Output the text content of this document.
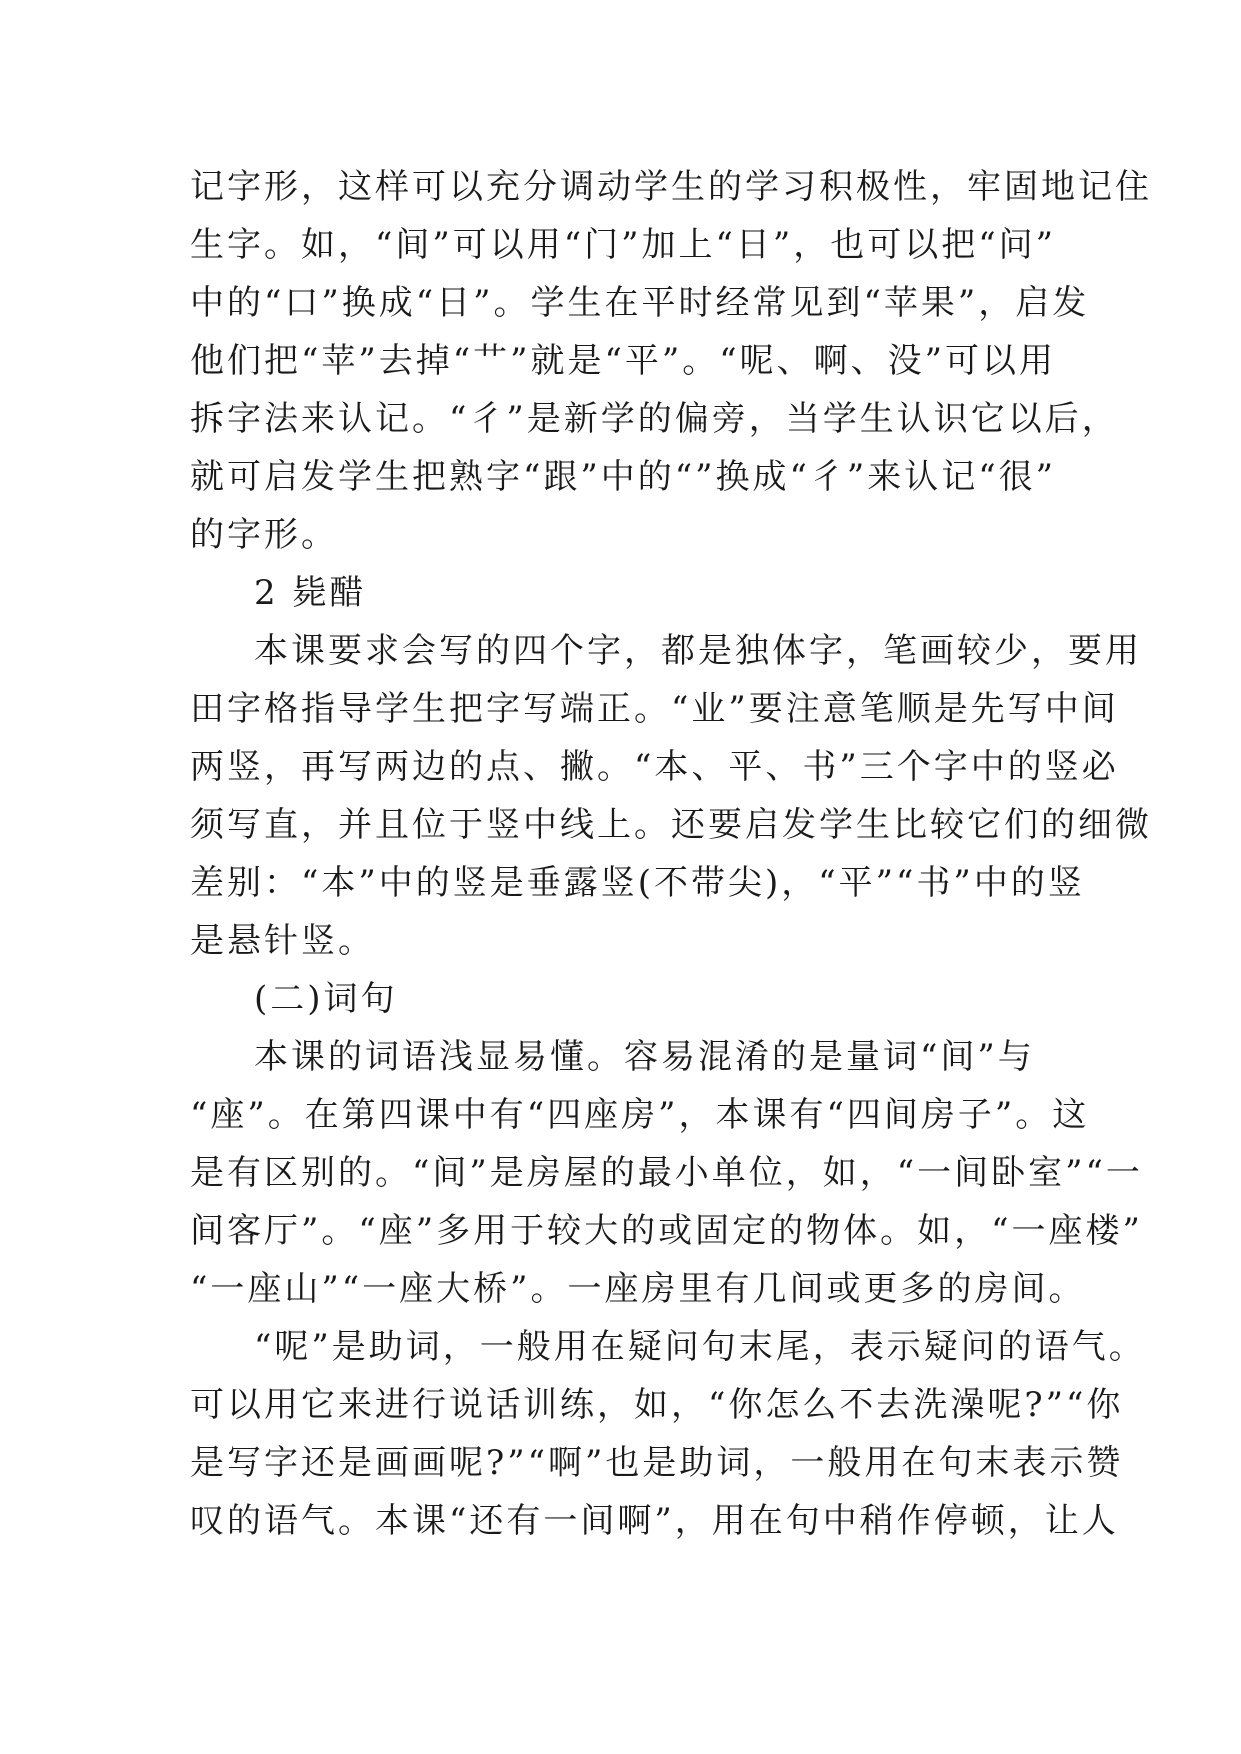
记字形，这样可以充分调动学生的学习积极性，牢固地记住
生字。如，“间”可以用“门”加上“日”，也可以把“问”
中的“口”换成“日”。学生在平时经常见到“苹果”，启发
他们把“苹”去掉“艹”就是“平”。“呢、啊、没”可以用
拆字法来认记。“彳”是新学的偏旁，当学生认识它以后，
就可启发学生把熟字“跟”中的“”换成“彳”来认记“很”
的字形。
2 毙醋
本课要求会写的四个字，都是独体字，笔画较少，要用
田字格指导学生把字写端正。“业”要注意笔顺是先写中间
两竖，再写两边的点、撇。“本、平、书”三个字中的竖必
须写直，并且位于竖中线上。还要启发学生比较它们的细微
差别：“本”中的竖是垂露竖(不带尖)，“平”“书”中的竖
是悬针竖。
(二)词句
本课的词语浅显易懂。容易混淆的是量词“间”与
“座”。在第四课中有“四座房”，本课有“四间房子”。这
是有区别的。“间”是房屋的最小单位，如，“一间卧室”“一
间客厅”。“座”多用于较大的或固定的物体。如，“一座楼”
“一座山”“一座大桥”。一座房里有几间或更多的房间。
“呢”是助词，一般用在疑问句末尾，表示疑问的语气。
可以用它来进行说话训练，如，“你怎么不去洗澡呢?”“你
是写字还是画画呢?”“啊”也是助词，一般用在句末表示赞
叹的语气。本课“还有一间啊”，用在句中稍作停顿，让人
